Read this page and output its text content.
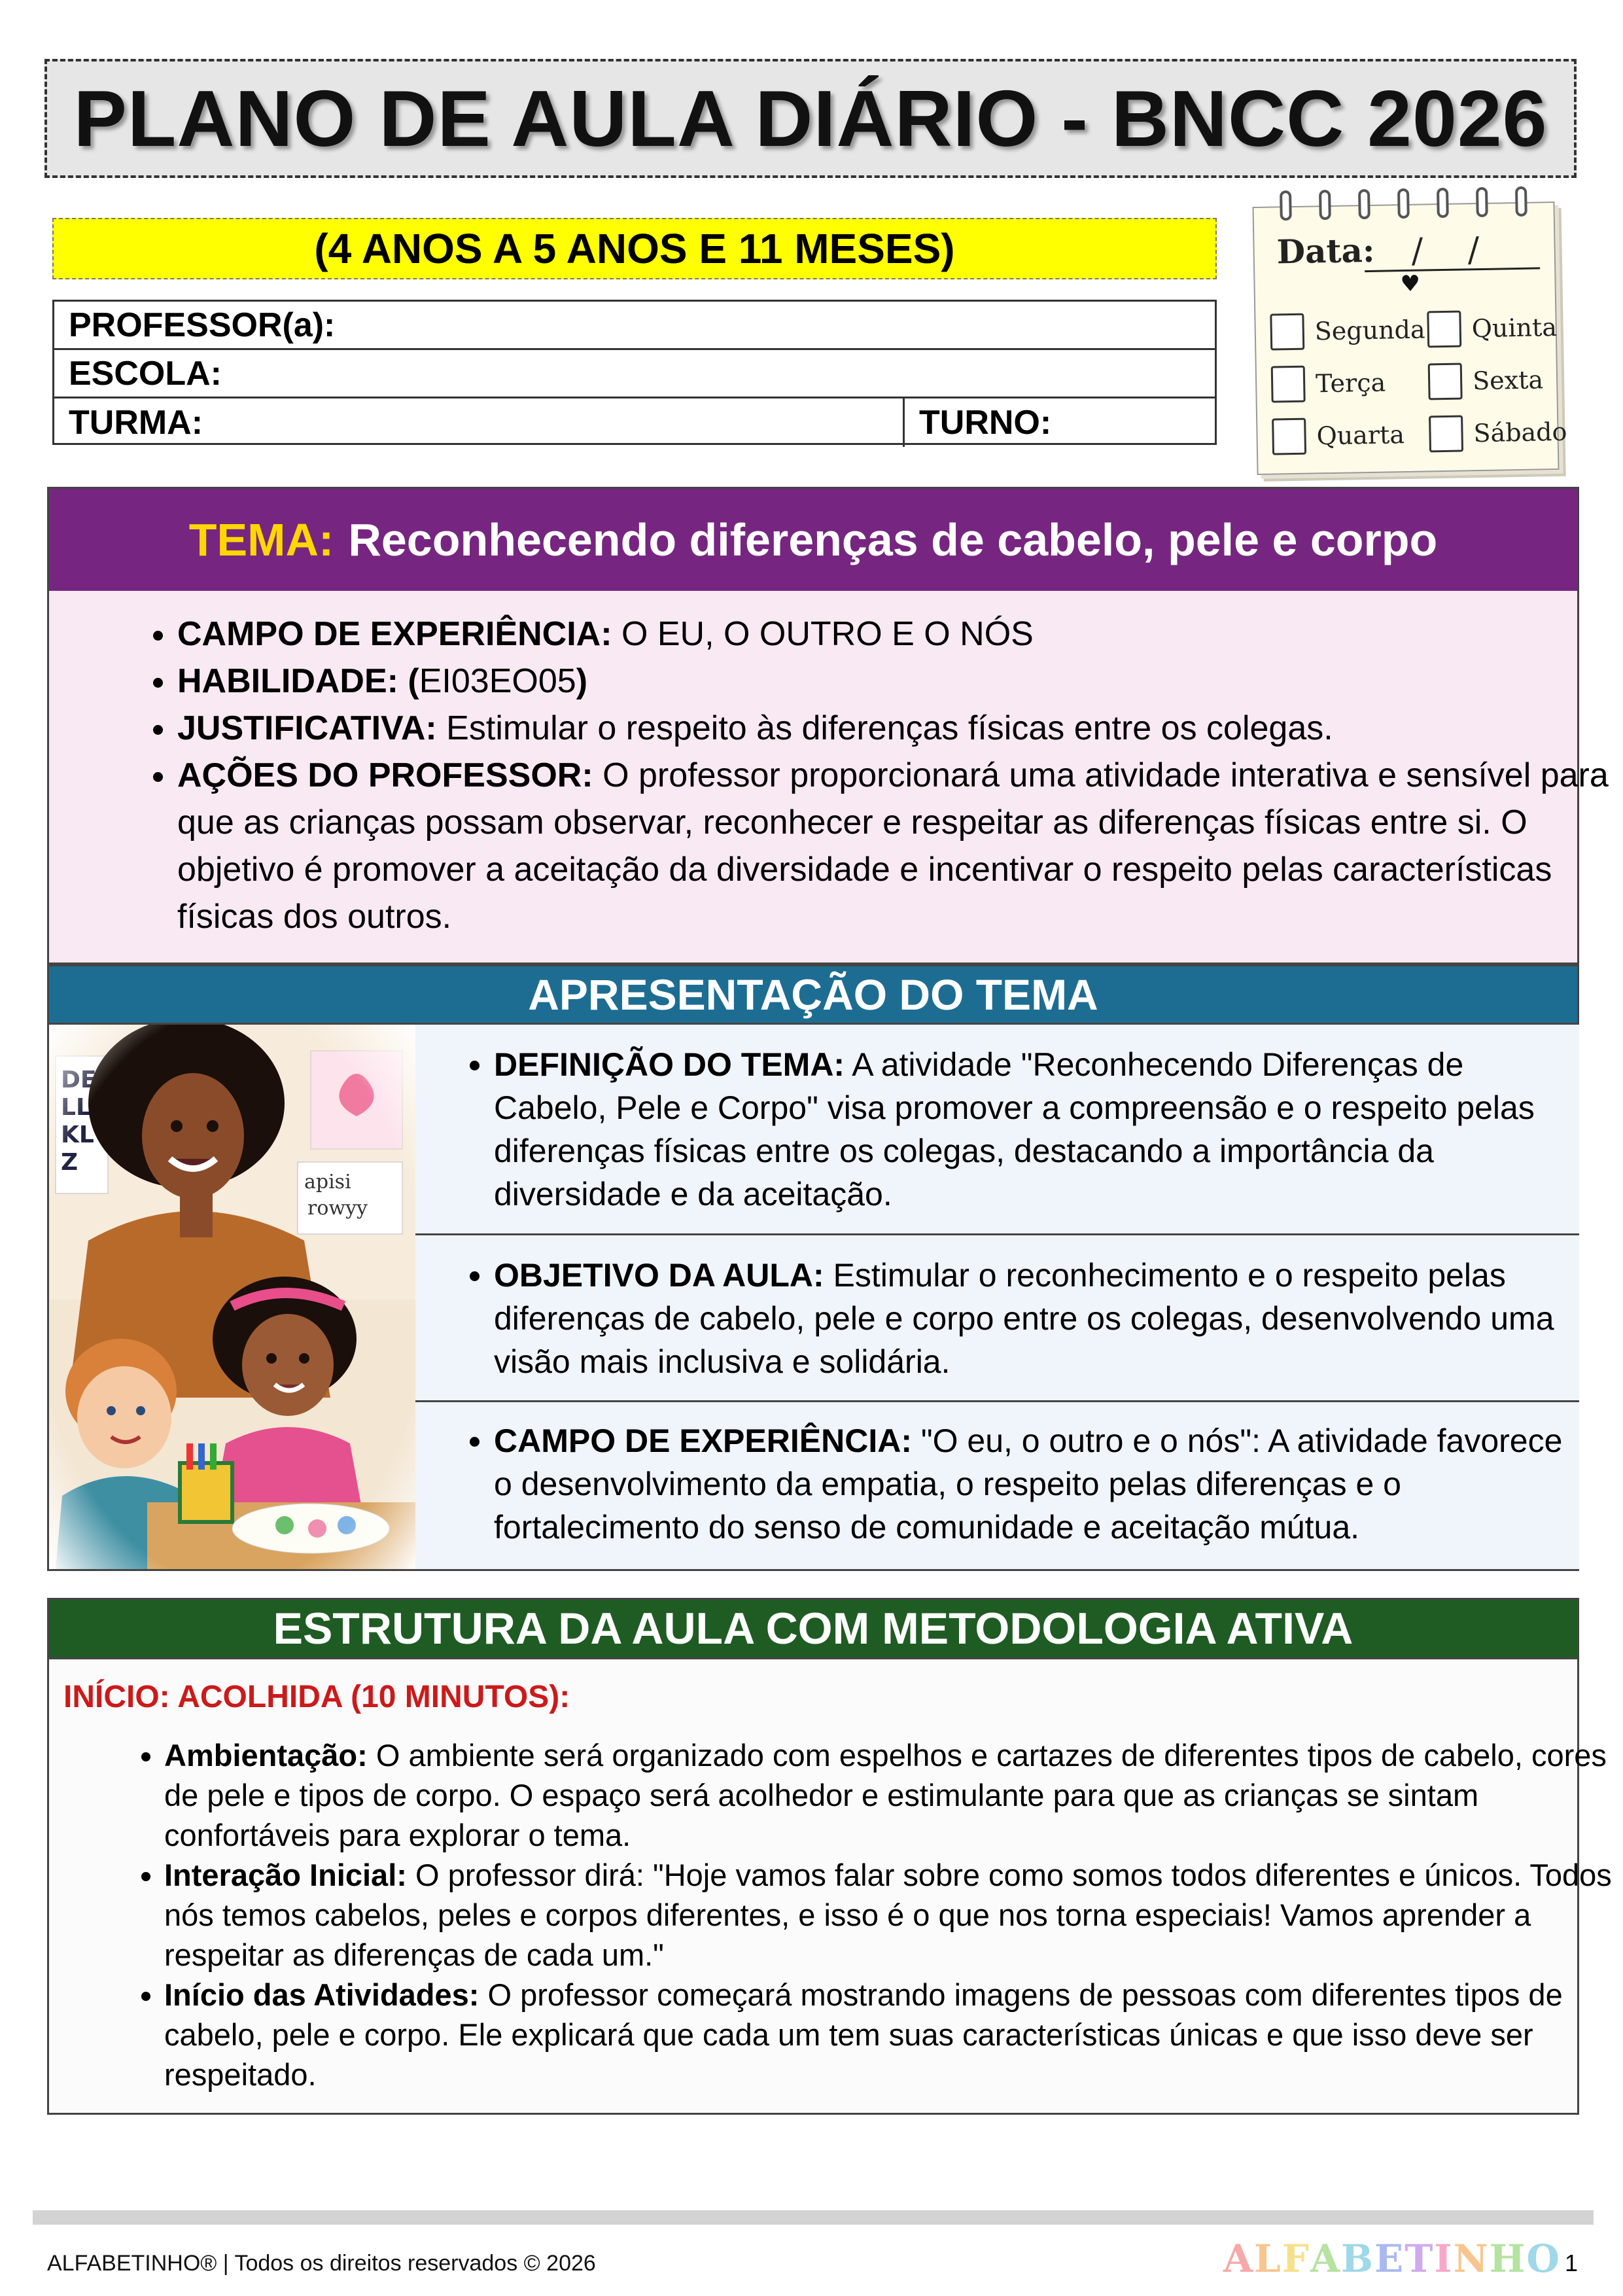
PLANO DE AULA DIÁRIO - BNCC 2026
(4 ANOS A 5 ANOS E 11 MESES)
PROFESSOR(a):
ESCOLA:
TURMA:	TURNO:
Data: / /
♥
Segunda Quinta
Terça	Sexta
Quarta	Sábado
TEMA: Reconhecendo diferenças de cabelo, pele e corpo
• CAMPO DE EXPERIÊNCIA: O EU, O OUTRO E O NÓS
• HABILIDADE: (EI03EO05)
• JUSTIFICATIVA: Estimular o respeito às diferenças físicas entre os colegas.
• AÇÕES DO PROFESSOR: O professor proporcionará uma atividade interativa e sensível para que as crianças possam observar, reconhecer e respeitar as diferenças físicas entre si. O objetivo é promover a aceitação da diversidade e incentivar o respeito pelas características físicas dos outros.
APRESENTAÇÃO DO TEMA
• DEFINIÇÃO DO TEMA: A atividade "Reconhecendo Diferenças de Cabelo, Pele e Corpo" visa promover a compreensão e o respeito pelas diferenças físicas entre os colegas, destacando a importância da diversidade e da aceitação.
• OBJETIVO DA AULA: Estimular o reconhecimento e o respeito pelas diferenças de cabelo, pele e corpo entre os colegas, desenvolvendo uma visão mais inclusiva e solidária.
• CAMPO DE EXPERIÊNCIA: "O eu, o outro e o nós": A atividade favorece o desenvolvimento da empatia, o respeito pelas diferenças e o fortalecimento do senso de comunidade e aceitação mútua.
ESTRUTURA DA AULA COM METODOLOGIA ATIVA
INÍCIO: ACOLHIDA (10 MINUTOS):
• Ambientação: O ambiente será organizado com espelhos e cartazes de diferentes tipos de cabelo, cores de pele e tipos de corpo. O espaço será acolhedor e estimulante para que as crianças se sintam confortáveis para explorar o tema.
• Interação Inicial: O professor dirá: "Hoje vamos falar sobre como somos todos diferentes e únicos. Todos nós temos cabelos, peles e corpos diferentes, e isso é o que nos torna especiais! Vamos aprender a respeitar as diferenças de cada um."
• Início das Atividades: O professor começará mostrando imagens de pessoas com diferentes tipos de cabelo, pele e corpo. Ele explicará que cada um tem suas características únicas e que isso deve ser respeitado.
ALFABETINHO® | Todos os direitos reservados © 2026	ALFABETINHO 1
